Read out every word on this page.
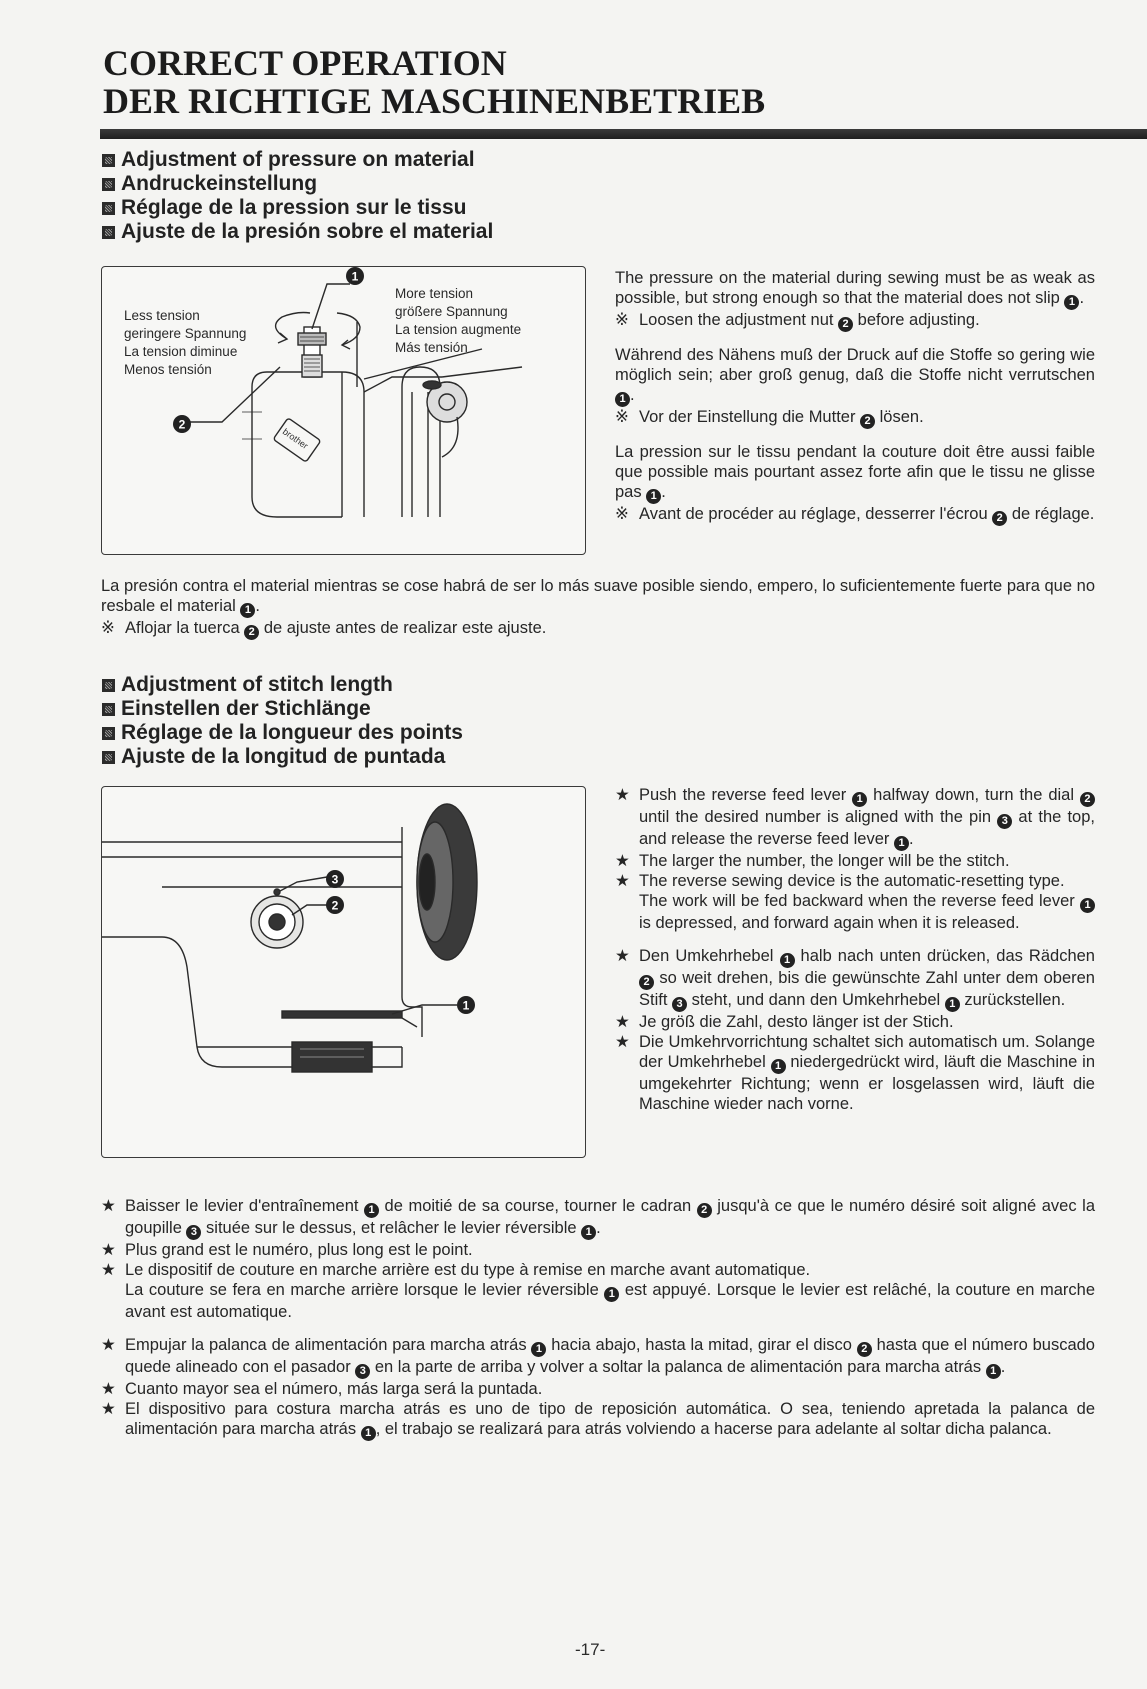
CORRECT OPERATION
DER RICHTIGE MASCHINENBETRIEB
Adjustment of pressure on material
Andruckeinstellung
Réglage de la pression sur le tissu
Ajuste de la presión sobre el material
1
2
brother
Less tension
geringere Spannung
La tension diminue
Menos tensión
More tension
größere Spannung
La tension augmente
Más tensión

The pressure on the material during sewing must be as weak as possible, but strong enough so that the material does not slip 1 .

※ Loosen the adjustment nut 2 before adjusting.

Während des Nähens muß der Druck auf die Stoffe so gering wie möglich sein; aber groß genug, daß die Stoffe nicht verrutschen 1 .

※ Vor der Einstellung die Mutter 2 lösen.

La pression sur le tissu pendant la couture doit être aussi faible que possible mais pourtant assez forte afin que le tissu ne glisse pas 1 .

※ Avant de procéder au réglage, desserrer l'écrou 2 de réglage.

La presión contra el material mientras se cose habrá de ser lo más suave posible siendo, empero, lo suficientemente fuerte para que no resbale el material 1 .

※ Aflojar la tuerca 2 de ajuste antes de realizar este ajuste.
Adjustment of stitch length
Einstellen der Stichlänge
Réglage de la longueur des points
Ajuste de la longitud de puntada
3
2
1
★ Push the reverse feed lever 1 halfway down, turn the dial 2 until the desired number is aligned with the pin 3 at the top, and release the reverse feed lever 1 .
★ The larger the number, the longer will be the stitch.
★ The reverse sewing device is the automatic-resetting type.
The work will be fed backward when the reverse feed lever 1 is depressed, and forward again when it is released.
★ Den Umkehrhebel 1 halb nach unten drücken, das Rädchen 2 so weit drehen, bis die gewünschte Zahl unter dem oberen Stift 3 steht, und dann den Umkehrhebel 1 zurückstellen.
★ Je größ die Zahl, desto länger ist der Stich.
★ Die Umkehrvorrichtung schaltet sich automatisch um. Solange der Umkehrhebel 1 niedergedrückt wird, läuft die Maschine in umgekehrter Richtung; wenn er losgelassen wird, läuft die Maschine wieder nach vorne.
★ Baisser le levier d'entraînement 1 de moitié de sa course, tourner le cadran 2 jusqu'à ce que le numéro désiré soit aligné avec la goupille 3 située sur le dessus, et relâcher le levier réversible 1 .
★ Plus grand est le numéro, plus long est le point.
★ Le dispositif de couture en marche arrière est du type à remise en marche avant automatique.
La couture se fera en marche arrière lorsque le levier réversible 1 est appuyé. Lorsque le levier est relâché, la couture en marche avant est automatique.
★ Empujar la palanca de alimentación para marcha atrás 1 hacia abajo, hasta la mitad, girar el disco 2 hasta que el número buscado quede alineado con el pasador 3 en la parte de arriba y volver a soltar la palanca de alimentación para marcha atrás 1 .
★ Cuanto mayor sea el número, más larga será la puntada.
★ El dispositivo para costura marcha atrás es uno de tipo de reposición automática. O sea, teniendo apretada la palanca de alimentación para marcha atrás 1 , el trabajo se realizará para atrás volviendo a hacerse para adelante al soltar dicha palanca.
-17-
